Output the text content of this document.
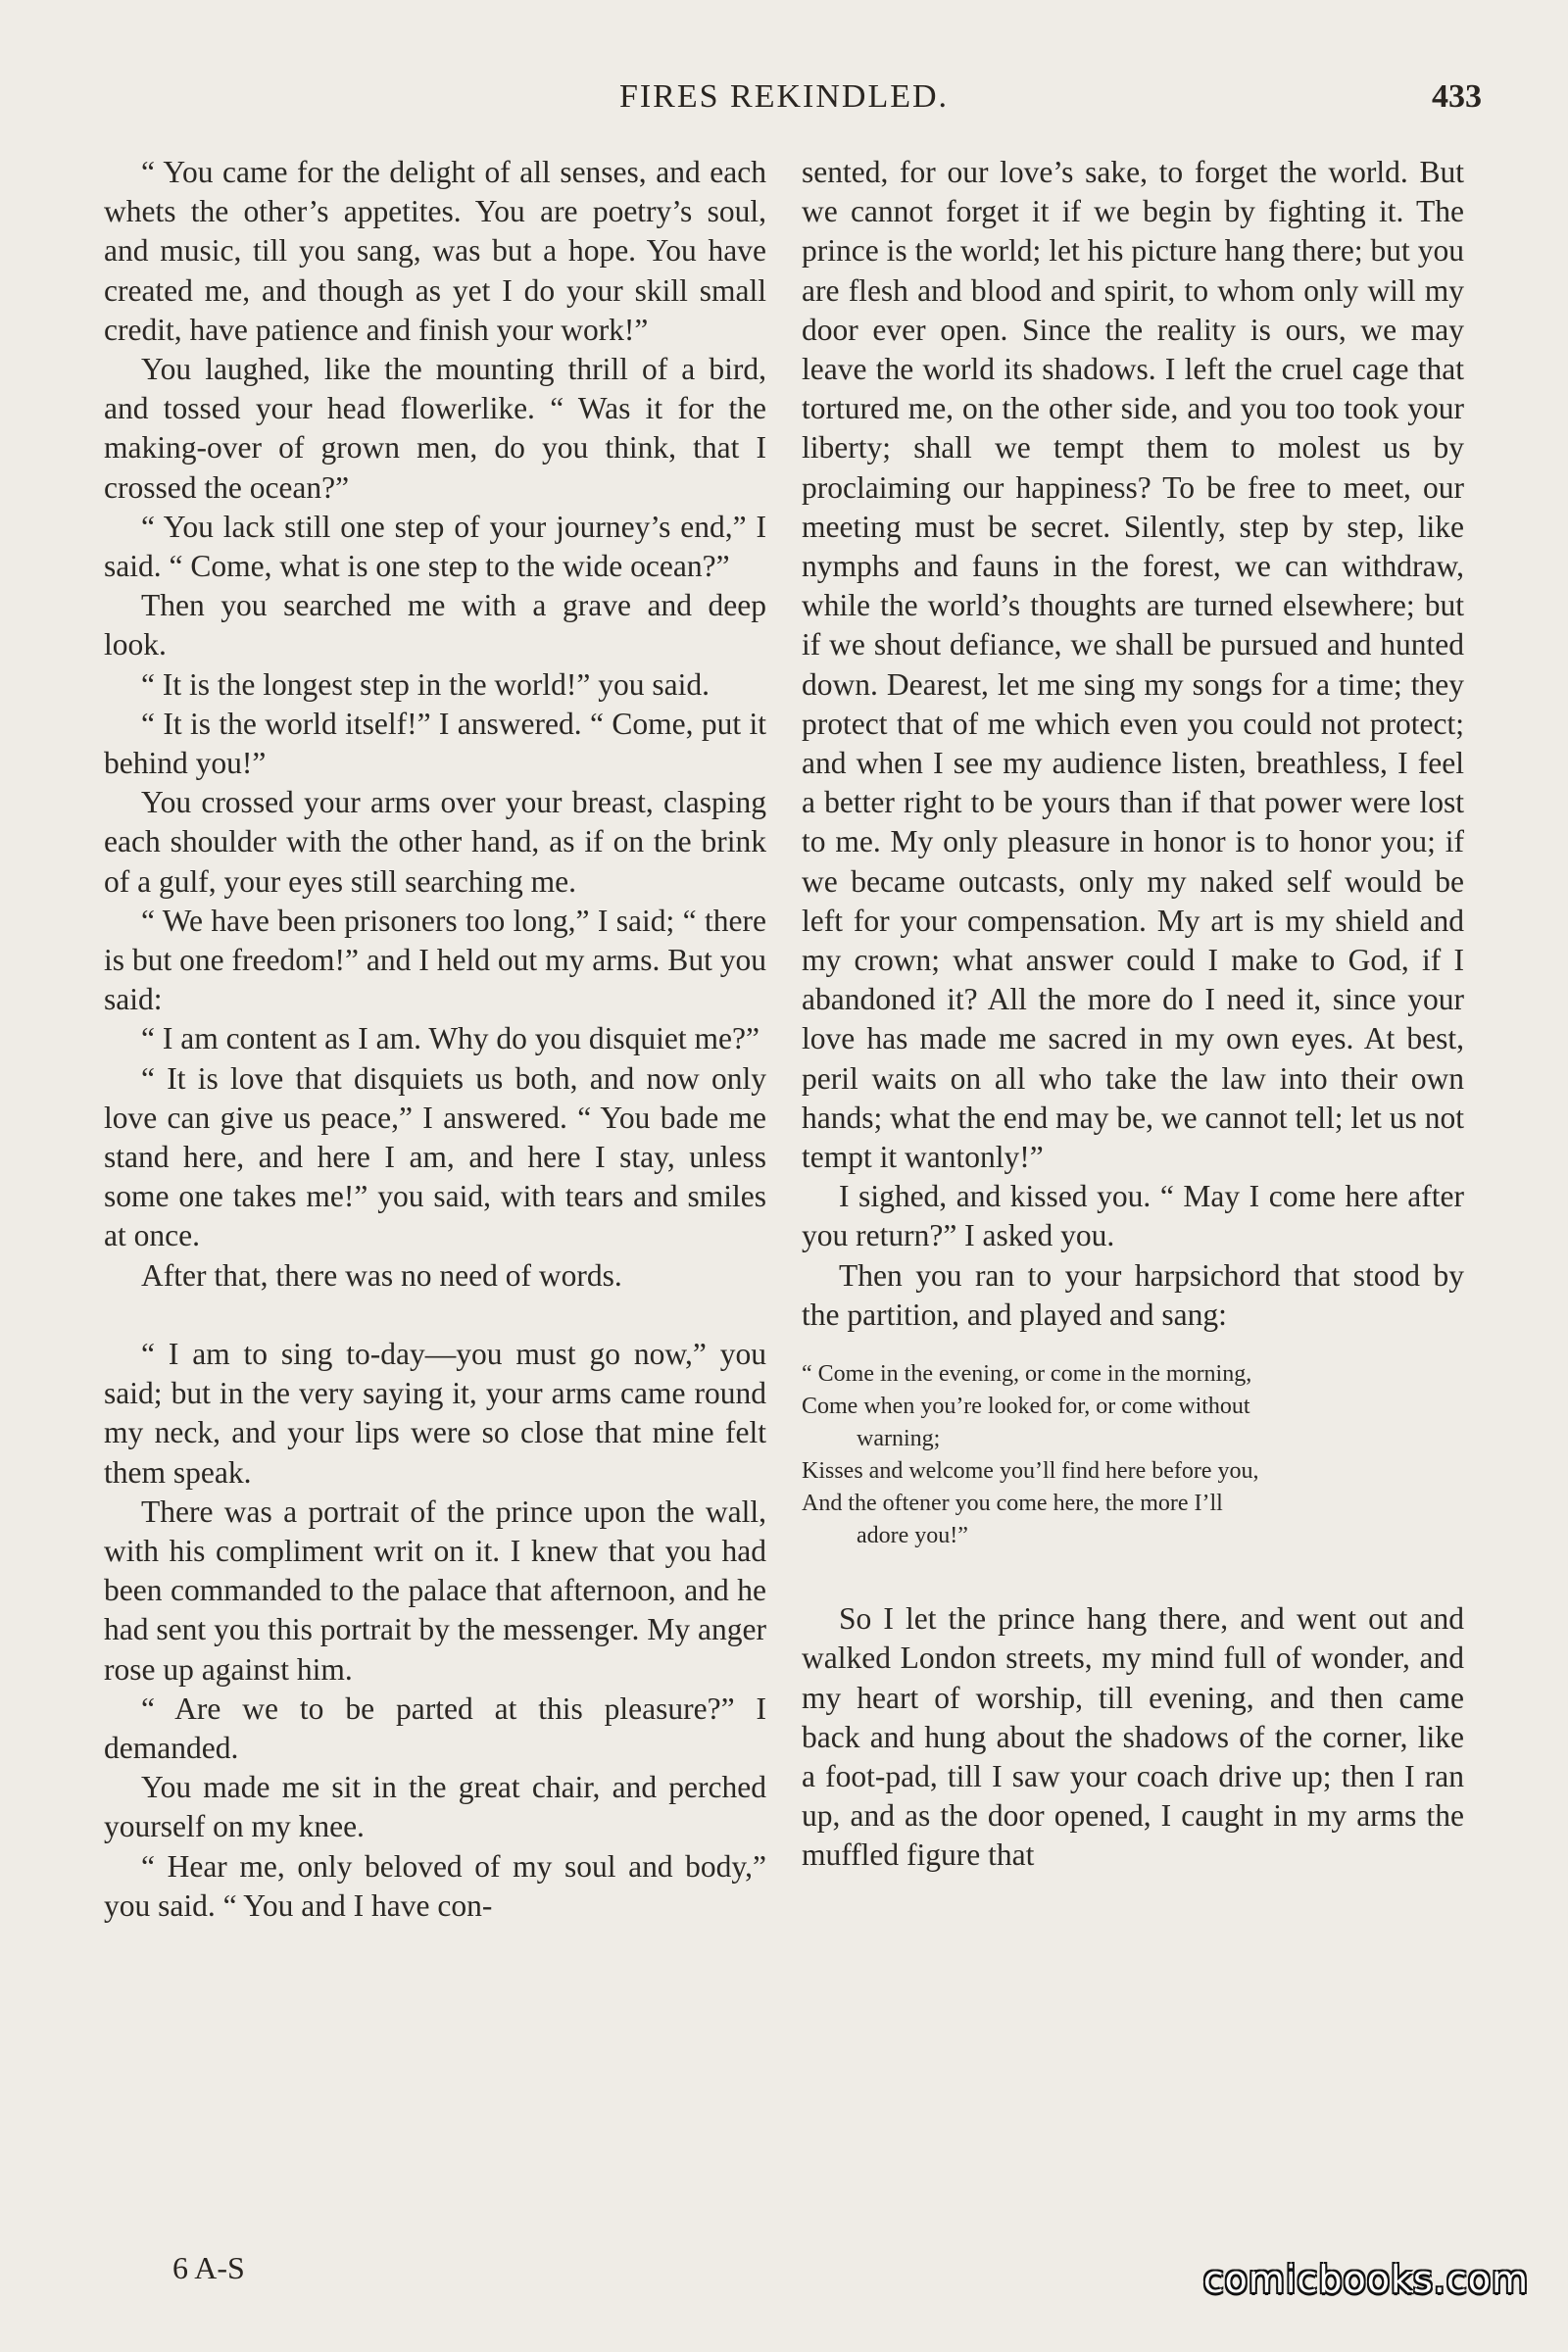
FIRES REKINDLED.	433

“ You came for the delight of all senses, and each whets the other’s appetites. You are poetry’s soul, and music, till you sang, was but a hope. You have created me, and though as yet I do your skill small credit, have patience and finish your work!”

You laughed, like the mounting thrill of a bird, and tossed your head flowerlike. “ Was it for the making-over of grown men, do you think, that I crossed the ocean?”

“ You lack still one step of your journey’s end,” I said. “ Come, what is one step to the wide ocean?”

Then you searched me with a grave and deep look.

“ It is the longest step in the world!” you said.

“ It is the world itself!” I answered. “ Come, put it behind you!”

You crossed your arms over your breast, clasping each shoulder with the other hand, as if on the brink of a gulf, your eyes still searching me.

“ We have been prisoners too long,” I said; “ there is but one freedom!” and I held out my arms. But you said:

“ I am content as I am. Why do you disquiet me?”

“ It is love that disquiets us both, and now only love can give us peace,” I answered. “ You bade me stand here, and here I am, and here I stay, unless some one takes me!” you said, with tears and smiles at once.

After that, there was no need of words.

“ I am to sing to-day—you must go now,” you said; but in the very saying it, your arms came round my neck, and your lips were so close that mine felt them speak.

There was a portrait of the prince upon the wall, with his compliment writ on it. I knew that you had been commanded to the palace that afternoon, and he had sent you this portrait by the messenger. My anger rose up against him.

“ Are we to be parted at this pleasure?” I demanded.

You made me sit in the great chair, and perched yourself on my knee.

“ Hear me, only beloved of my soul and body,” you said. “ You and I have con-

sented, for our love’s sake, to forget the world. But we cannot forget it if we begin by fighting it. The prince is the world; let his picture hang there; but you are flesh and blood and spirit, to whom only will my door ever open. Since the reality is ours, we may leave the world its shadows. I left the cruel cage that tortured me, on the other side, and you too took your liberty; shall we tempt them to molest us by proclaiming our happiness? To be free to meet, our meeting must be secret. Silently, step by step, like nymphs and fauns in the forest, we can withdraw, while the world’s thoughts are turned elsewhere; but if we shout defiance, we shall be pursued and hunted down. Dearest, let me sing my songs for a time; they protect that of me which even you could not protect; and when I see my audience listen, breathless, I feel a better right to be yours than if that power were lost to me. My only pleasure in honor is to honor you; if we became outcasts, only my naked self would be left for your compensation. My art is my shield and my crown; what answer could I make to God, if I abandoned it? All the more do I need it, since your love has made me sacred in my own eyes. At best, peril waits on all who take the law into their own hands; what the end may be, we cannot tell; let us not tempt it wantonly!”

I sighed, and kissed you. “ May I come here after you return?” I asked you.

Then you ran to your harpsichord that stood by the partition, and played and sang:

“ Come in the evening, or come in the morning,
Come when you’re looked for, or come without
warning;
Kisses and welcome you’ll find here before you,
And the oftener you come here, the more I’ll
adore you!”

So I let the prince hang there, and went out and walked London streets, my mind full of wonder, and my heart of worship, till evening, and then came back and hung about the shadows of the corner, like a foot-pad, till I saw your coach drive up; then I ran up, and as the door opened, I caught in my arms the muffled figure that

6 A-S	comicbooks.com
